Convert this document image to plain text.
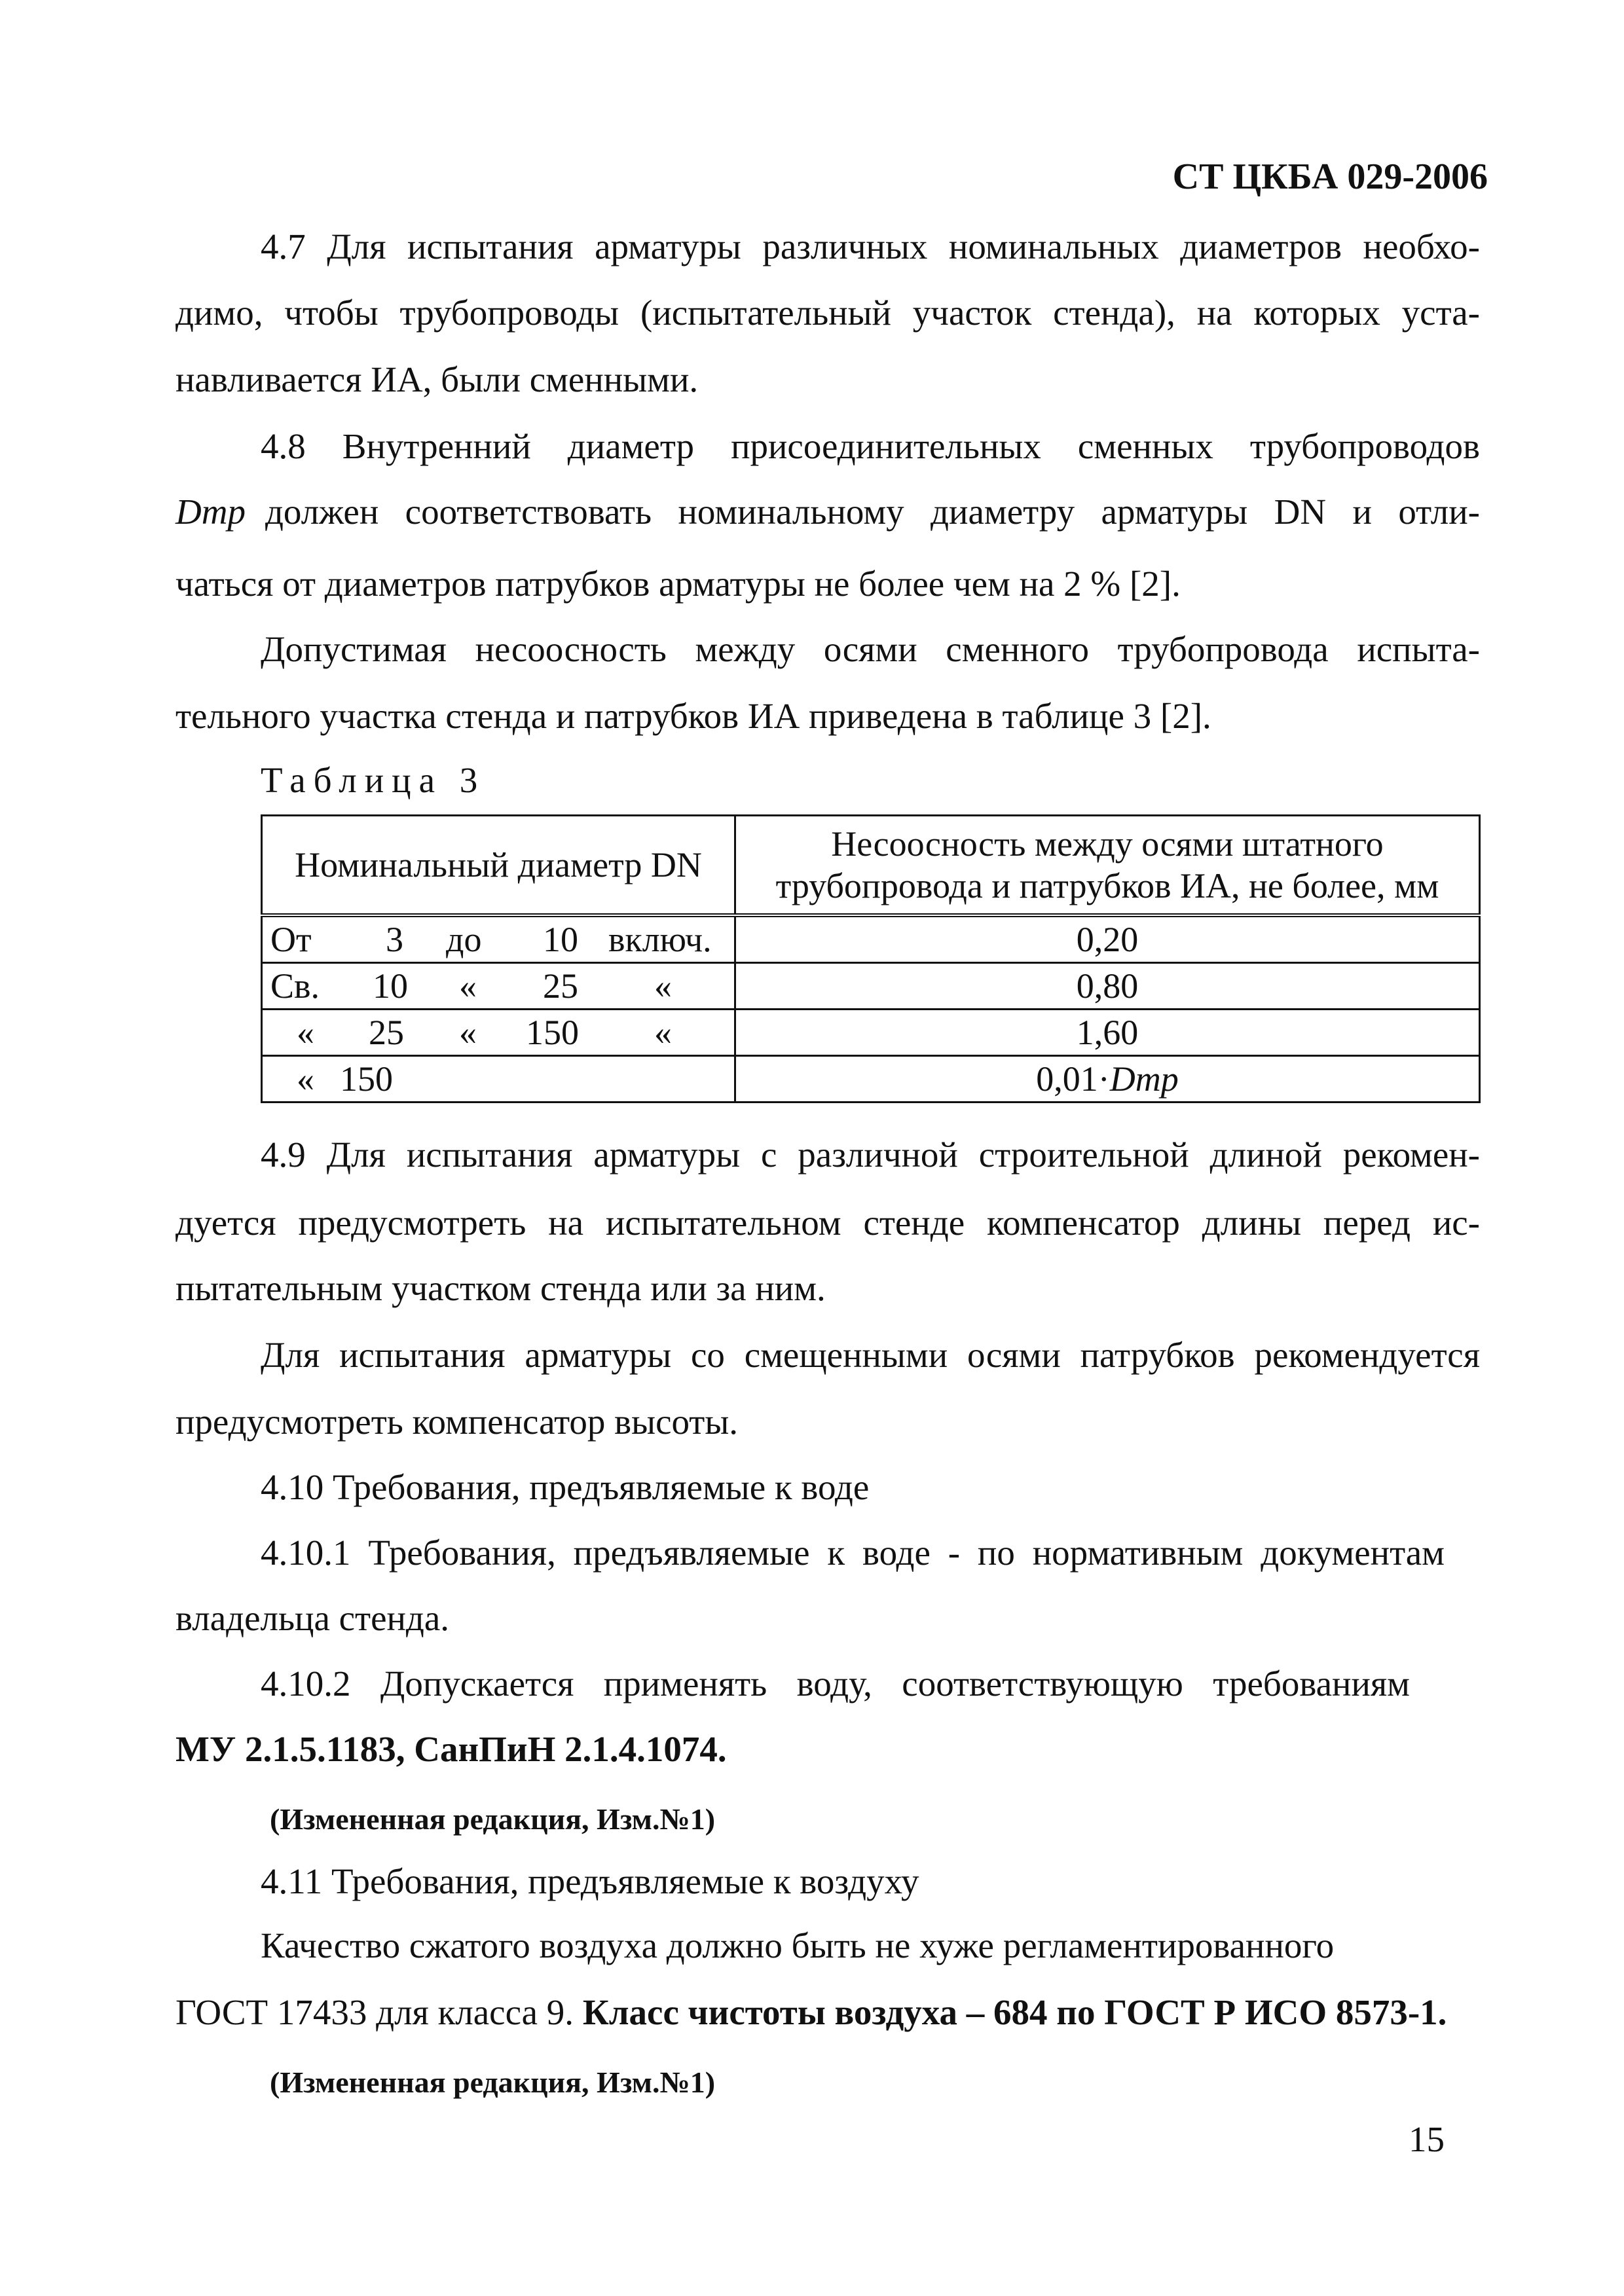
СТ ЦКБА 029-2006
4.7 Для испытания арматуры различных номинальных диаметров необхо-
димо, чтобы трубопроводы (испытательный участок стенда), на которых уста-
навливается ИА, были сменными.
4.8 Внутренний диаметр присоединительных сменных трубопроводов
Dтр должен соответствовать номинальному диаметру арматуры DN и отли-
чаться от диаметров патрубков арматуры не более чем на 2 % [2].
Допустимая несоосность между осями сменного трубопровода испыта-
тельного участка стенда и патрубков ИА приведена в таблице 3 [2].
Таблица 3
Номинальный диаметр DN	Несоосность между осями штатного
трубопровода и патрубков ИА, не более, мм

От 3 до 10 включ.	0,20

Св. 10 « 25 «	0,80

« 25 « 150 «	1,60

« 150	0,01·Dтр
4.9 Для испытания арматуры с различной строительной длиной рекомен-
дуется предусмотреть на испытательном стенде компенсатор длины перед ис-
пытательным участком стенда или за ним.
Для испытания арматуры со смещенными осями патрубков рекомендуется
предусмотреть компенсатор высоты.
4.10 Требования, предъявляемые к воде
4.10.1 Требования, предъявляемые к воде - по нормативным документам
владельца стенда.
4.10.2 Допускается применять воду, соответствующую требованиям
МУ 2.1.5.1183, СанПиН 2.1.4.1074.
(Измененная редакция, Изм.№1)
4.11 Требования, предъявляемые к воздуху
Качество сжатого воздуха должно быть не хуже регламентированного
ГОСТ 17433 для класса 9. Класс чистоты воздуха – 684 по ГОСТ Р ИСО 8573-1.
(Измененная редакция, Изм.№1)
15
